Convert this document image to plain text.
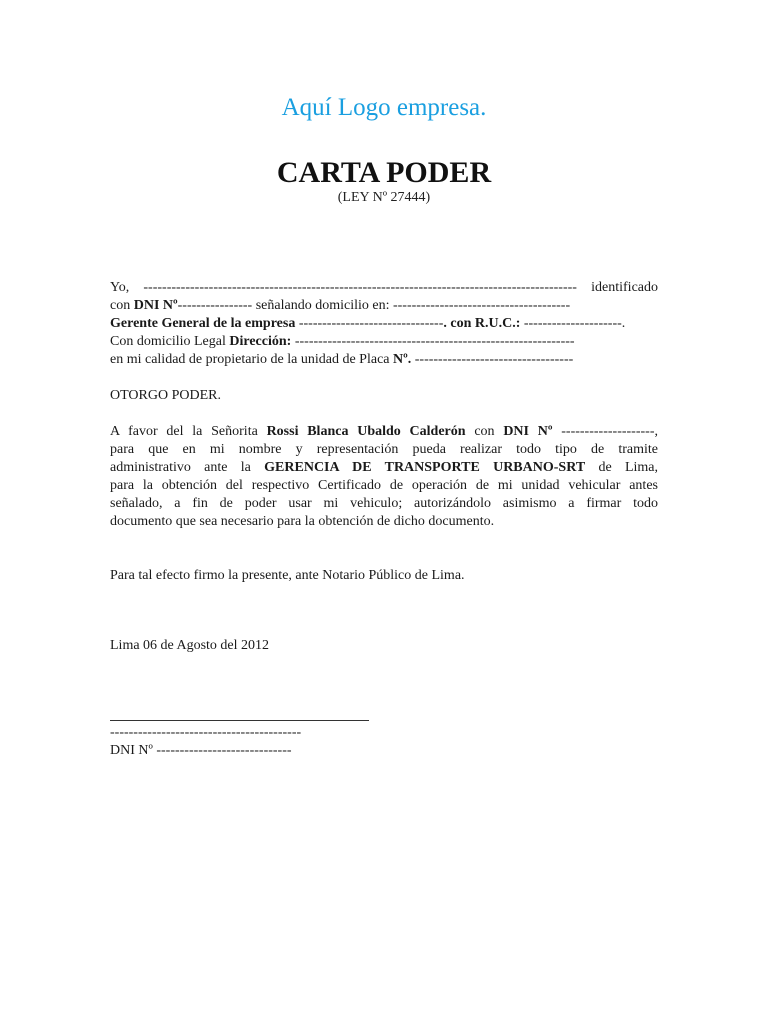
Aquí Logo empresa.
CARTA PODER
(LEY Nº 27444)
Yo, --------------------------------------------------------------------------------------------- identificado
con DNI Nº---------------- señalando domicilio en: --------------------------------------
Gerente General de la empresa -------------------------------. con R.U.C.: ---------------------.
Con domicilio Legal Dirección: ------------------------------------------------------------
en mi calidad de propietario de la unidad de Placa Nº. ----------------------------------
OTORGO PODER.
A favor del la Señorita Rossi Blanca Ubaldo Calderón con DNI Nº --------------------,
para que en mi nombre y representación pueda realizar todo tipo de tramite
administrativo ante la GERENCIA DE TRANSPORTE URBANO-SRT de Lima,
para la obtención del respectivo Certificado de operación de mi unidad vehicular antes
señalado, a fin de poder usar mi vehiculo; autorizándolo asimismo a firmar todo
documento que sea necesario para la obtención de dicho documento.
Para tal efecto firmo la presente, ante Notario Público de Lima.
Lima 06 de Agosto del 2012
-----------------------------------------
DNI Nº -----------------------------
